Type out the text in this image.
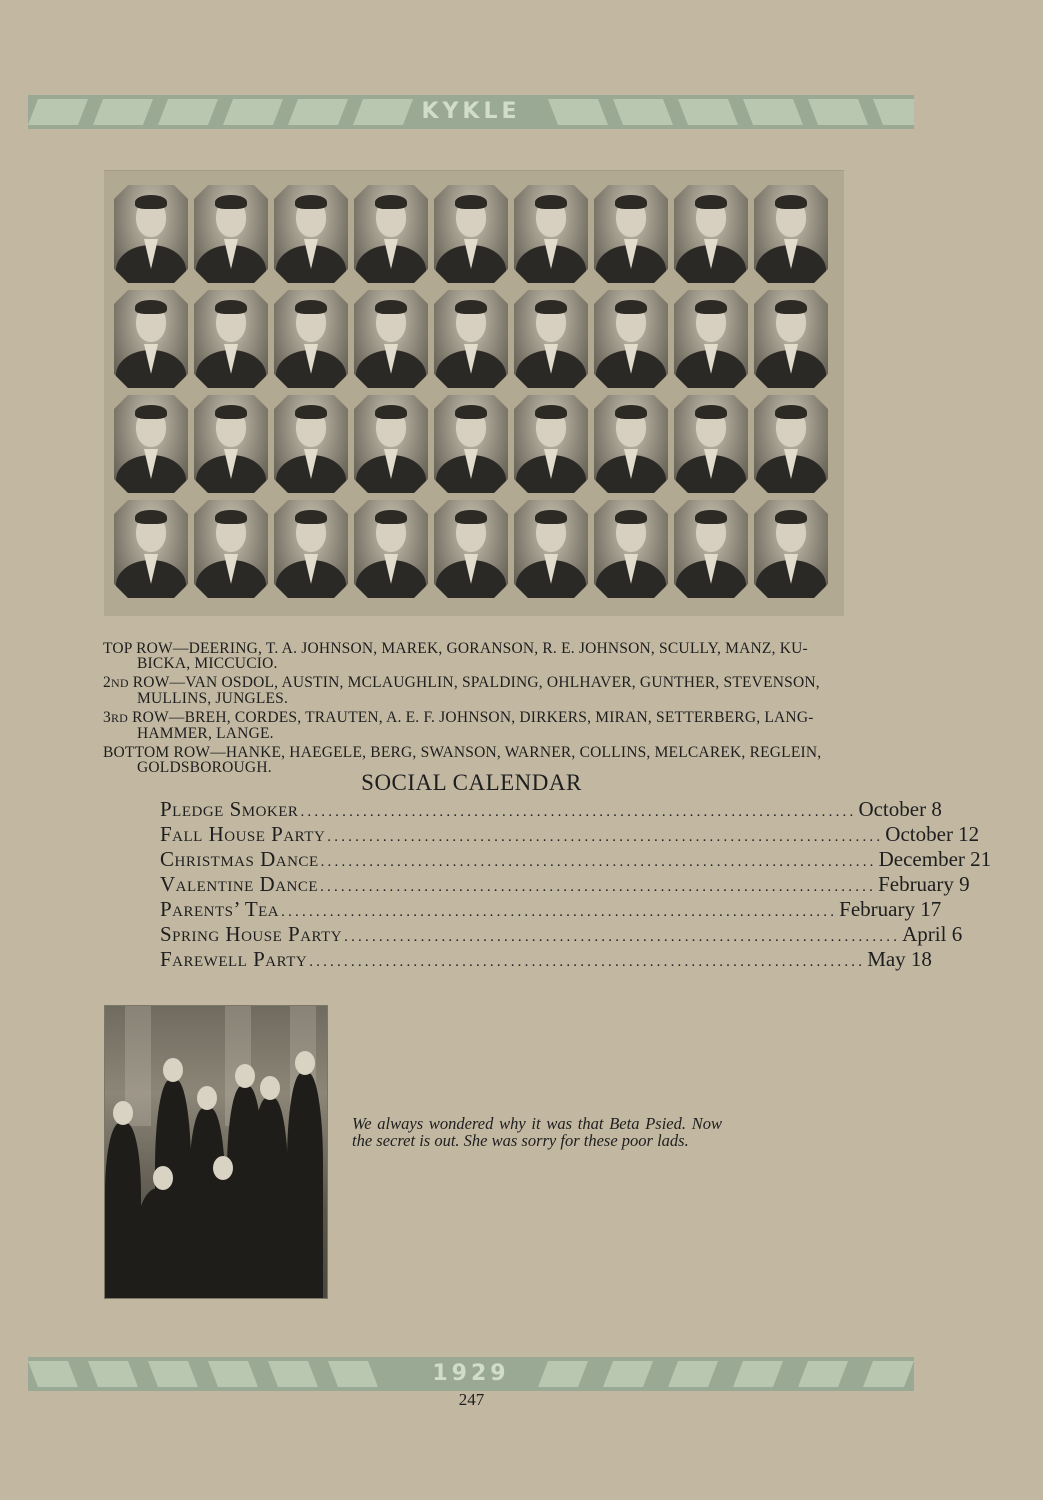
KYKLE
TOP ROW—DEERING, T. A. JOHNSON, MAREK, GORANSON, R. E. JOHNSON, SCULLY, MANZ, KU-
BICKA, MICCUCIO.
2ND ROW—VAN OSDOL, AUSTIN, MCLAUGHLIN, SPALDING, OHLHAVER, GUNTHER, STEVENSON,
MULLINS, JUNGLES.
3RD ROW—BREH, CORDES, TRAUTEN, A. E. F. JOHNSON, DIRKERS, MIRAN, SETTERBERG, LANG-
HAMMER, LANGE.
BOTTOM ROW—HANKE, HAEGELE, BERG, SWANSON, WARNER, COLLINS, MELCAREK, REGLEIN,
GOLDSBOROUGH.
SOCIAL CALENDAR
Pledge Smoker ................................................................................ October 8
Fall House Party ................................................................................ October 12
Christmas Dance ................................................................................ December 21
Valentine Dance ................................................................................ February 9
Parents’ Tea ................................................................................ February 17
Spring House Party ................................................................................ April 6
Farewell Party ................................................................................ May 18
We always wondered why it was that Beta Psied. Now the secret is out. She was sorry for these poor lads.
1929
247
